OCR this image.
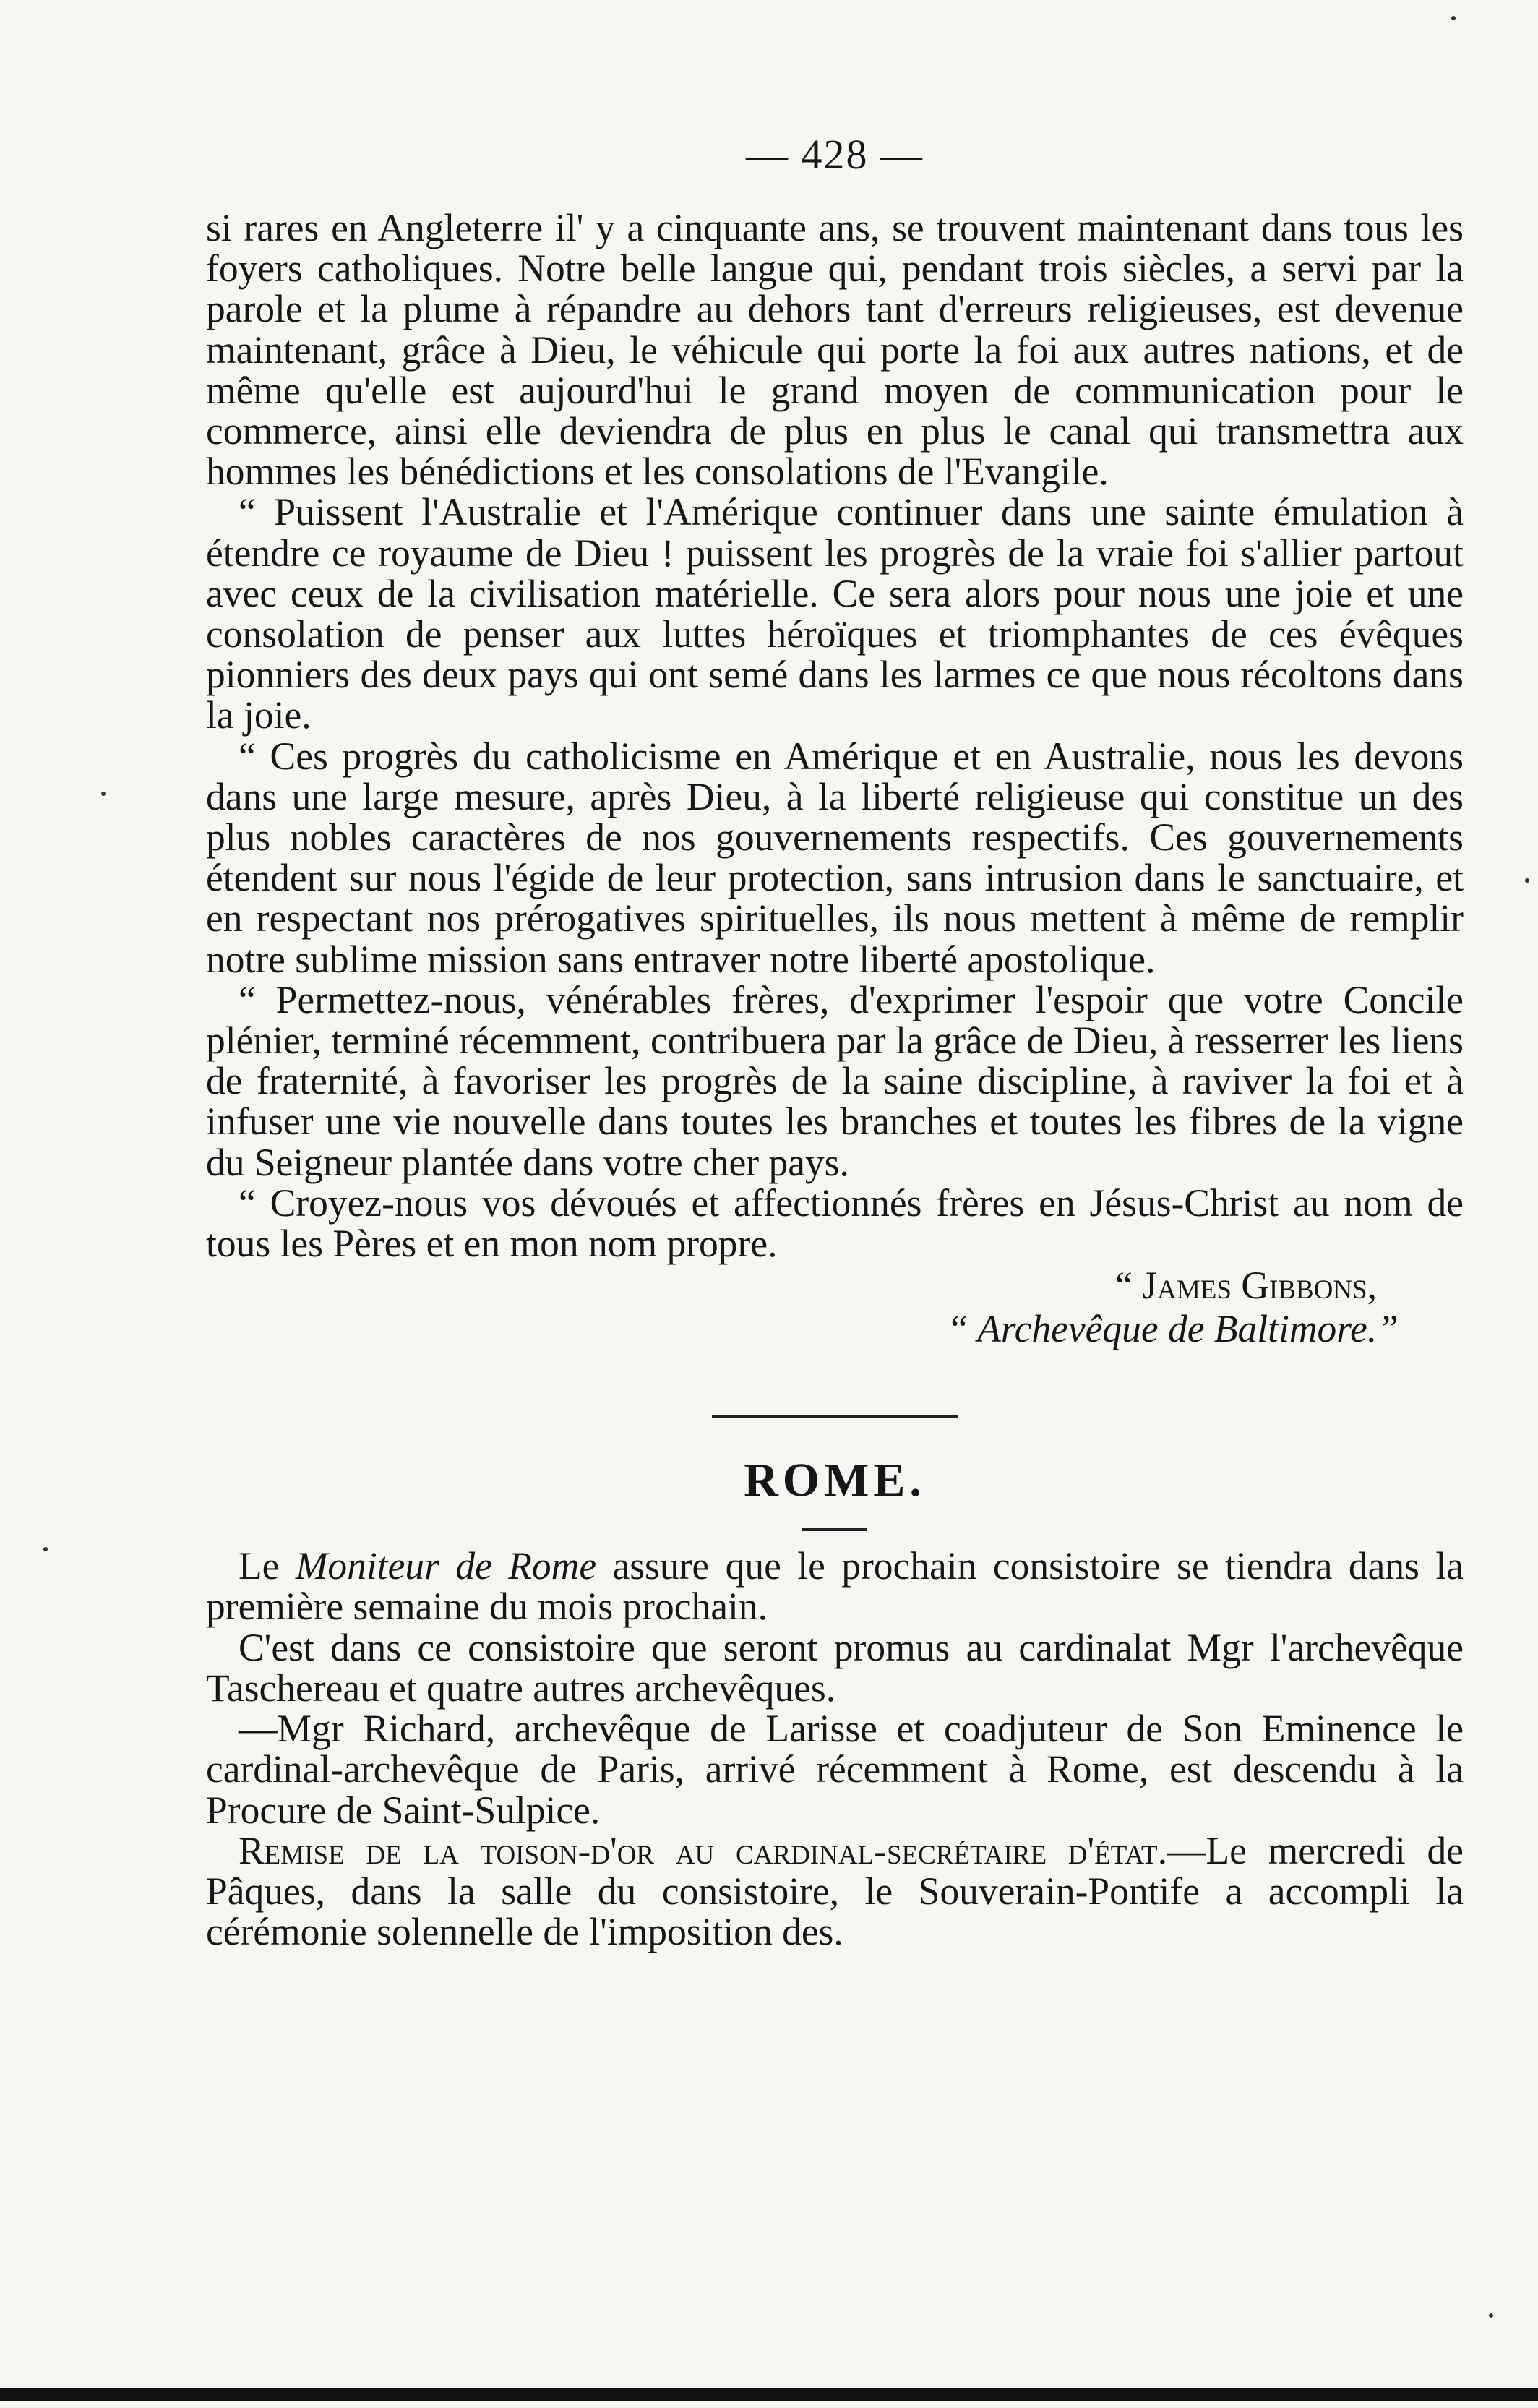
— 428 —

si rares en Angleterre il' y a cinquante ans, se trouvent maintenant dans tous les foyers catholiques. Notre belle langue qui, pendant trois siècles, a servi par la parole et la plume à répandre au dehors tant d'erreurs religieuses, est devenue maintenant, grâce à Dieu, le véhicule qui porte la foi aux autres nations, et de même qu'elle est aujourd'hui le grand moyen de communication pour le commerce, ainsi elle deviendra de plus en plus le canal qui transmettra aux hommes les bénédictions et les consolations de l'Evangile.

“ Puissent l'Australie et l'Amérique continuer dans une sainte émulation à étendre ce royaume de Dieu ! puissent les progrès de la vraie foi s'allier partout avec ceux de la civilisation matérielle. Ce sera alors pour nous une joie et une consolation de penser aux luttes héroïques et triomphantes de ces évêques pionniers des deux pays qui ont semé dans les larmes ce que nous récoltons dans la joie.

“ Ces progrès du catholicisme en Amérique et en Australie, nous les devons dans une large mesure, après Dieu, à la liberté religieuse qui constitue un des plus nobles caractères de nos gouvernements respectifs. Ces gouvernements étendent sur nous l'égide de leur protection, sans intrusion dans le sanctuaire, et en respectant nos prérogatives spirituelles, ils nous mettent à même de remplir notre sublime mission sans entraver notre liberté apostolique.

“ Permettez-nous, vénérables frères, d'exprimer l'espoir que votre Concile plénier, terminé récemment, contribuera par la grâce de Dieu, à resserrer les liens de fraternité, à favoriser les progrès de la saine discipline, à raviver la foi et à infuser une vie nouvelle dans toutes les branches et toutes les fibres de la vigne du Seigneur plantée dans votre cher pays.

“ Croyez-nous vos dévoués et affectionnés frères en Jésus-Christ au nom de tous les Pères et en mon nom propre.

“ James Gibbons,
“ Archevêque de Baltimore.”
ROME.

Le Moniteur de Rome assure que le prochain consistoire se tiendra dans la première semaine du mois prochain.

C'est dans ce consistoire que seront promus au cardinalat Mgr l'archevêque Taschereau et quatre autres archevêques.

—Mgr Richard, archevêque de Larisse et coadjuteur de Son Eminence le cardinal-archevêque de Paris, arrivé récemment à Rome, est descendu à la Procure de Saint-Sulpice.

Remise de la toison-d'or au cardinal-secrétaire d'état.—Le mercredi de Pâques, dans la salle du consistoire, le Souverain-Pontife a accompli la cérémonie solennelle de l'imposition des.
